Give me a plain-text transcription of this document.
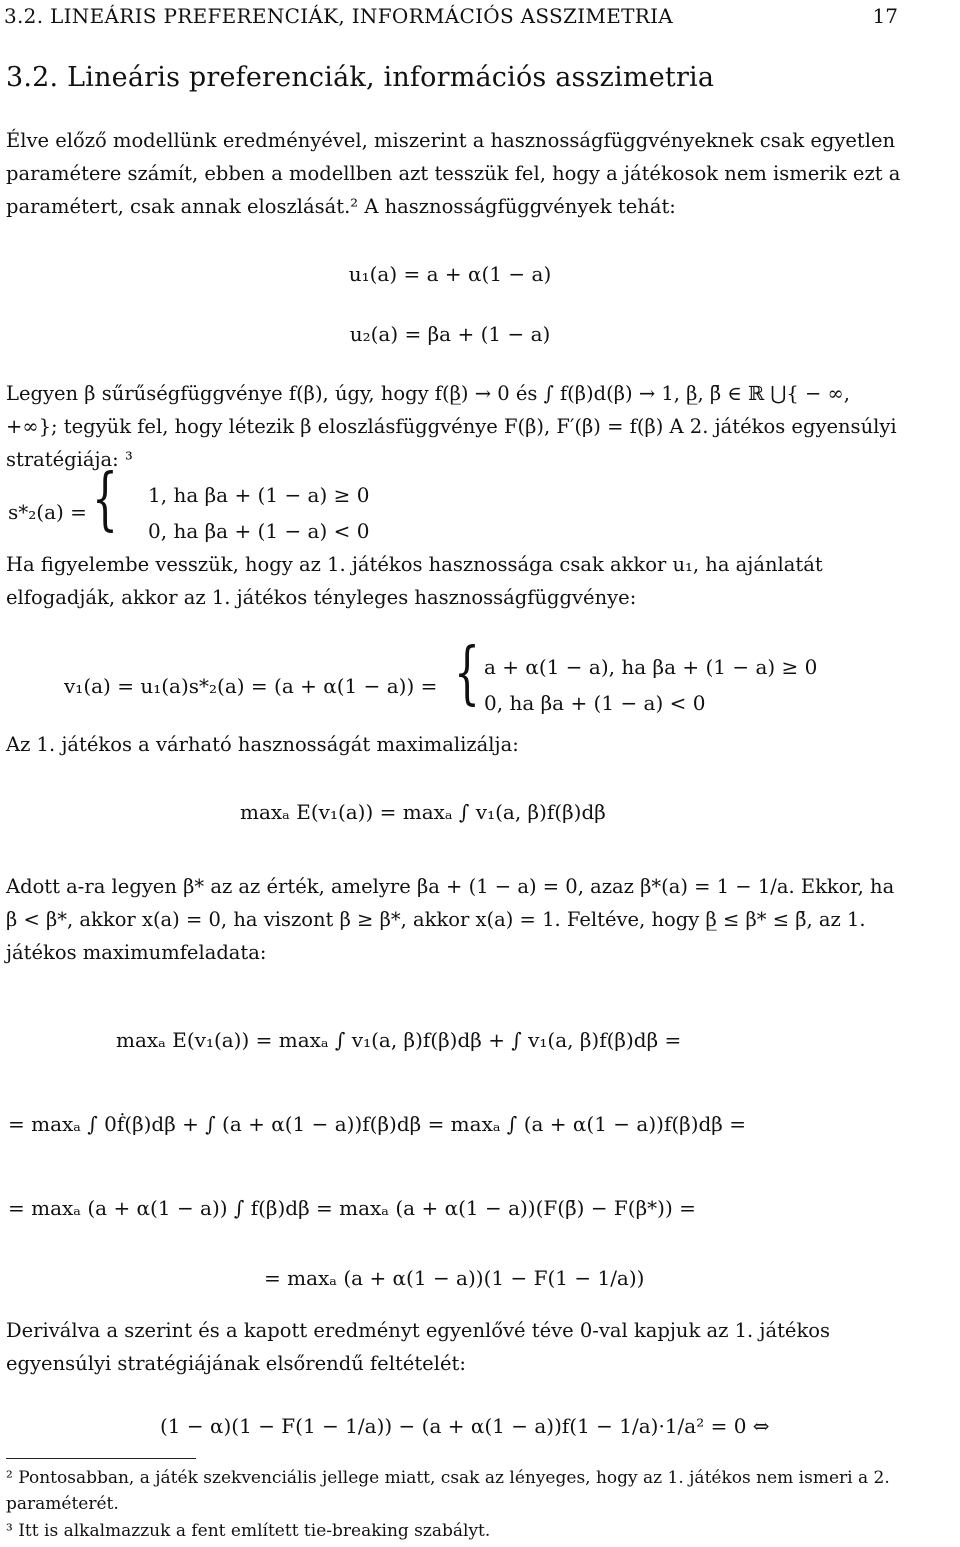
3.2. LINEÁRIS PREFERENCIÁK, INFORMÁCIÓS ASSZIMETRIA	17
3.2. Lineáris preferenciák, információs asszimetria
Élve előző modellünk eredményével, miszerint a hasznosságfüggvényeknek csak egyetlen paramétere számít, ebben a modellben azt tesszük fel, hogy a játékosok nem ismerik ezt a paramétert, csak annak eloszlását.² A hasznosságfüggvények tehát:
u₁(a) = a + α(1 − a)
u₂(a) = βa + (1 − a)
Legyen β sűrűségfüggvénye f(β), úgy, hogy f(β̲) → 0 és ∫ f(β)d(β) → 1, β̲, β̄ ∈ ℝ ⋃{ − ∞, +∞}; tegyük fel, hogy létezik β eloszlásfüggvénye F(β), F′(β) = f(β) A 2. játékos egyensúlyi stratégiája: ³
s*₂(a) = { 1, ha βa + (1 − a) ≥ 0
0, ha βa + (1 − a) < 0
Ha figyelembe vesszük, hogy az 1. játékos hasznossága csak akkor u₁, ha ajánlatát elfogadják, akkor az 1. játékos tényleges hasznosságfüggvénye:
v₁(a) = u₁(a)s*₂(a) = (a + α(1 − a)) = { a + α(1 − a), ha βa + (1 − a) ≥ 0
0, ha βa + (1 − a) < 0
Az 1. játékos a várható hasznosságát maximalizálja:
maxₐ E(v₁(a)) = maxₐ ∫ v₁(a, β)f(β)dβ
Adott a-ra legyen β* az az érték, amelyre βa + (1 − a) = 0, azaz β*(a) = 1 − 1/a. Ekkor, ha β < β*, akkor x(a) = 0, ha viszont β ≥ β*, akkor x(a) = 1. Feltéve, hogy β̲ ≤ β* ≤ β̄, az 1. játékos maximumfeladata:
maxₐ E(v₁(a)) = maxₐ ∫ v₁(a, β)f(β)dβ + ∫ v₁(a, β)f(β)dβ =
= maxₐ ∫ 0ḟ(β)dβ + ∫ (a + α(1 − a))f(β)dβ = maxₐ ∫ (a + α(1 − a))f(β)dβ =
= maxₐ (a + α(1 − a)) ∫ f(β)dβ = maxₐ (a + α(1 − a))(F(β̄) − F(β*)) =
= maxₐ (a + α(1 − a))(1 − F(1 − 1/a))
Deriválva a szerint és a kapott eredményt egyenlővé téve 0-val kapjuk az 1. játékos egyensúlyi stratégiájának elsőrendű feltételét:
(1 − α)(1 − F(1 − 1/a)) − (a + α(1 − a))f(1 − 1/a)·1/a² = 0 ⇔
² Pontosabban, a játék szekvenciális jellege miatt, csak az lényeges, hogy az 1. játékos nem ismeri a 2. paraméterét.
³ Itt is alkalmazzuk a fent említett tie-breaking szabályt.
